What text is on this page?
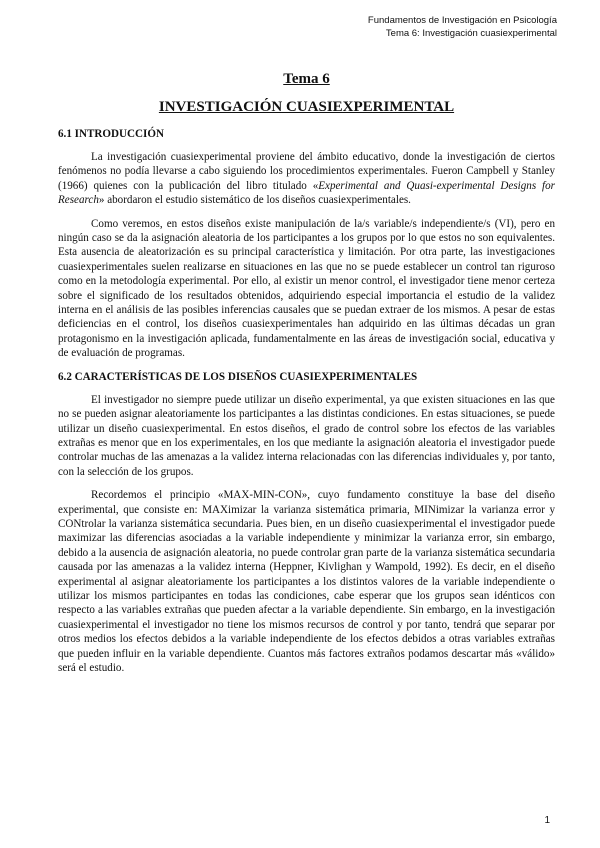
Fundamentos de Investigación en Psicología
Tema 6: Investigación cuasiexperimental
Tema 6
INVESTIGACIÓN CUASIEXPERIMENTAL
6.1 INTRODUCCIÓN

La investigación cuasiexperimental proviene del ámbito educativo, donde la investigación de ciertos fenómenos no podía llevarse a cabo siguiendo los procedimientos experimentales. Fueron Campbell y Stanley (1966) quienes con la publicación del libro titulado «Experimental and Quasi-experimental Designs for Research» abordaron el estudio sistemático de los diseños cuasiexperimentales.

Como veremos, en estos diseños existe manipulación de la/s variable/s independiente/s (VI), pero en ningún caso se da la asignación aleatoria de los participantes a los grupos por lo que estos no son equivalentes. Esta ausencia de aleatorización es su principal característica y limitación. Por otra parte, las investigaciones cuasiexperimentales suelen realizarse en situaciones en las que no se puede establecer un control tan riguroso como en la metodología experimental. Por ello, al existir un menor control, el investigador tiene menor certeza sobre el significado de los resultados obtenidos, adquiriendo especial importancia el estudio de la validez interna en el análisis de las posibles inferencias causales que se puedan extraer de los mismos. A pesar de estas deficiencias en el control, los diseños cuasiexperimentales han adquirido en las últimas décadas un gran protagonismo en la investigación aplicada, fundamentalmente en las áreas de investigación social, educativa y de evaluación de programas.

6.2 CARACTERÍSTICAS DE LOS DISEÑOS CUASIEXPERIMENTALES

El investigador no siempre puede utilizar un diseño experimental, ya que existen situaciones en las que no se pueden asignar aleatoriamente los participantes a las distintas condiciones. En estas situaciones, se puede utilizar un diseño cuasiexperimental. En estos diseños, el grado de control sobre los efectos de las variables extrañas es menor que en los experimentales, en los que mediante la asignación aleatoria el investigador puede controlar muchas de las amenazas a la validez interna relacionadas con las diferencias individuales y, por tanto, con la selección de los grupos.

Recordemos el principio «MAX-MIN-CON», cuyo fundamento constituye la base del diseño experimental, que consiste en: MAXimizar la varianza sistemática primaria, MINimizar la varianza error y CONtrolar la varianza sistemática secundaria. Pues bien, en un diseño cuasiexperimental el investigador puede maximizar las diferencias asociadas a la variable independiente y minimizar la varianza error, sin embargo, debido a la ausencia de asignación aleatoria, no puede controlar gran parte de la varianza sistemática secundaria causada por las amenazas a la validez interna (Heppner, Kivlighan y Wampold, 1992). Es decir, en el diseño experimental al asignar aleatoriamente los participantes a los distintos valores de la variable independiente o utilizar los mismos participantes en todas las condiciones, cabe esperar que los grupos sean idénticos con respecto a las variables extrañas que pueden afectar a la variable dependiente. Sin embargo, en la investigación cuasiexperimental el investigador no tiene los mismos recursos de control y por tanto, tendrá que separar por otros medios los efectos debidos a la variable independiente de los efectos debidos a otras variables extrañas que pueden influir en la variable dependiente. Cuantos más factores extraños podamos descartar más «válido» será el estudio.

1
